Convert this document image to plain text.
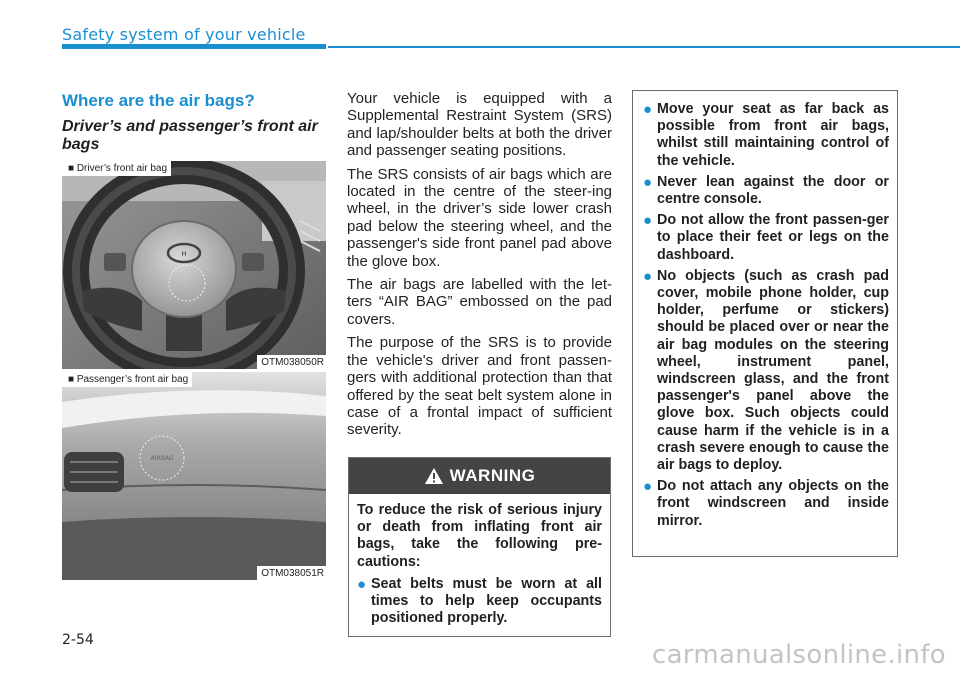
Safety system of your vehicle
Where are the air bags?
Driver’s and passenger’s front air bags
H
■ Driver’s front air bag
OTM038050R
AIRBAG
■ Passenger’s front air bag
OTM038051R

Your vehicle is equipped with a Supplemental Restraint System (SRS) and lap/shoulder belts at both the driver and passenger seating positions.

The SRS consists of air bags which are located in the centre of the steer-ing wheel, in the driver’s side lower crash pad below the steering wheel, and the passenger's side front panel pad above the glove box.

The air bags are labelled with the let-ters “AIR BAG” embossed on the pad covers.

The purpose of the SRS is to provide the vehicle's driver and front passen-gers with additional protection than that offered by the seat belt system alone in case of a frontal impact of sufficient severity.

WARNING

To reduce the risk of serious injury or death from inflating front air bags, take the following pre-cautions:

● Seat belts must be worn at all times to help keep occupants positioned properly.
● Move your seat as far back as possible from front air bags, whilst still maintaining control of the vehicle.
● Never lean against the door or centre console.
● Do not allow the front passen-ger to place their feet or legs on the dashboard.
● No objects (such as crash pad cover, mobile phone holder, cup holder, perfume or stickers) should be placed over or near the air bag modules on the steering wheel, instrument panel, windscreen glass, and the front passenger's panel above the glove box. Such objects could cause harm if the vehicle is in a crash severe enough to cause the air bags to deploy.
● Do not attach any objects on the front windscreen and inside mirror.
2-54	carmanualsonline.info
